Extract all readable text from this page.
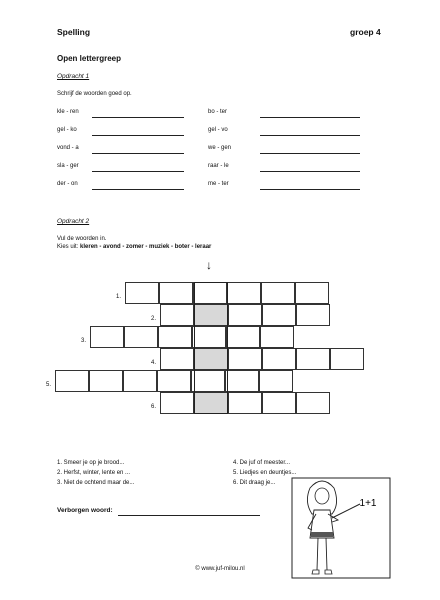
Spelling	groep 4
Open lettergreep
Opdracht 1
Schrijf de woorden goed op.
kle - ren	bo - ter
gel - ko	gel - vo
vond - a	we - gen
sla - ger	raar - le
der - on	me - ter
Opdracht 2
Vul de woorden in.
Kies uit: kleren - avond - zomer - muziek - boter - leraar
↓
1.
2.
3.
4.
5.
6.
1. Smeer je op je brood...
2. Herfst, winter, lente en ...
3. Niet de ochtend maar de...
4. De juf of meester...
5. Liedjes en deuntjes...
6. Dit draag je...
Verborgen woord:
1+1
© www.juf-milou.nl
